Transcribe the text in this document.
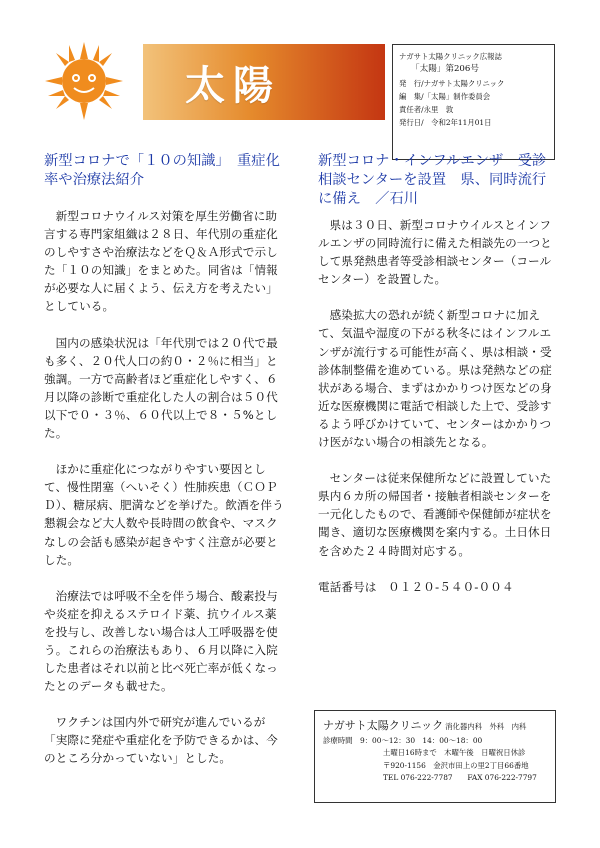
太陽
ナガサト太陽クリニック広報誌
「太陽」第206号
発　行/ナガサト太陽クリニック
編　集/「太陽」制作委員会
責任者/永里　敦
発行日/　令和2年11月01日
新型コロナで「１０の知識」　重症化率や治療法紹介

新型コロナウイルス対策を厚生労働省に助言する専門家組織は２８日、年代別の重症化のしやすさや治療法などをＱ＆Ａ形式で示した「１０の知識」をまとめた。同省は「情報が必要な人に届くよう、伝え方を考えたい」としている。

国内の感染状況は「年代別では２０代で最も多く、２０代人口の約０・２％に相当」と強調。一方で高齢者ほど重症化しやすく、６月以降の診断で重症化した人の割合は５０代以下で０・３％、６０代以上で８・５%とした。

ほかに重症化につながりやすい要因として、慢性閉塞（へいそく）性肺疾患（ＣＯＰＤ）、糖尿病、肥満などを挙げた。飲酒を伴う懇親会など大人数や長時間の飲食や、マスクなしの会話も感染が起きやすく注意が必要とした。

治療法では呼吸不全を伴う場合、酸素投与や炎症を抑えるステロイド薬、抗ウイルス薬を投与し、改善しない場合は人工呼吸器を使う。これらの治療法もあり、６月以降に入院した患者はそれ以前と比べ死亡率が低くなったとのデータも載せた。

ワクチンは国内外で研究が進んでいるが「実際に発症や重症化を予防できるかは、今のところ分かっていない」とした。

新型コロナ・インフルエンザ　受診相談センターを設置　県、同時流行に備え　／石川

県は３０日、新型コロナウイルスとインフルエンザの同時流行に備えた相談先の一つとして県発熱患者等受診相談センター（コールセンター）を設置した。

感染拡大の恐れが続く新型コロナに加えて、気温や湿度の下がる秋冬にはインフルエンザが流行する可能性が高く、県は相談・受診体制整備を進めている。県は発熱などの症状がある場合、まずはかかりつけ医などの身近な医療機関に電話で相談した上で、受診するよう呼びかけていて、センターはかかりつけ医がない場合の相談先となる。

センターは従来保健所などに設置していた県内６カ所の帰国者・接触者相談センターを一元化したもので、看護師や保健師が症状を聞き、適切な医療機関を案内する。土日休日を含めた２４時間対応する。

電話番号は　０１２０-５４０-００４
ナガサト太陽クリニック 消化器内科　外科　内科
診療時間　9：00～12：30　14：00～18：00
土曜日16時まで　木曜午後　日曜祝日休診
〒920-1156　金沢市田上の里2丁目66番地
TEL 076-222-7787　　FAX 076-222-7797
